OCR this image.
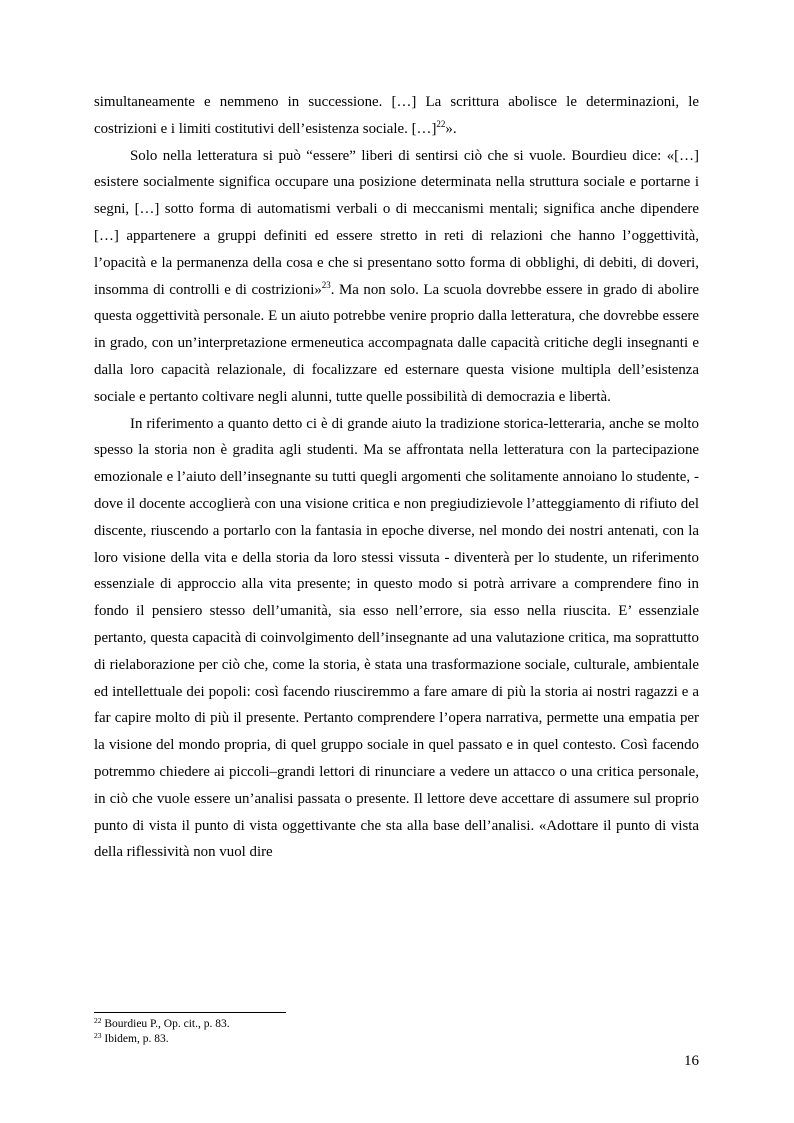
simultaneamente e nemmeno in successione. […] La scrittura abolisce le determinazioni, le costrizioni e i limiti costitutivi dell’esistenza sociale. […]$^{22}$».

Solo nella letteratura si può “essere” liberi di sentirsi ciò che si vuole. Bourdieu dice: «[…] esistere socialmente significa occupare una posizione determinata nella struttura sociale e portarne i segni, […] sotto forma di automatismi verbali o di meccanismi mentali; significa anche dipendere […] appartenere a gruppi definiti ed essere stretto in reti di relazioni che hanno l’oggettività, l’opacità e la permanenza della cosa e che si presentano sotto forma di obblighi, di debiti, di doveri, insomma di controlli e di costrizioni»$^{23}$. Ma non solo. La scuola dovrebbe essere in grado di abolire questa oggettività personale. E un aiuto potrebbe venire proprio dalla letteratura, che dovrebbe essere in grado, con un’interpretazione ermeneutica accompagnata dalle capacità critiche degli insegnanti e dalla loro capacità relazionale, di focalizzare ed esternare questa visione multipla dell’esistenza sociale e pertanto coltivare negli alunni, tutte quelle possibilità di democrazia e libertà.

In riferimento a quanto detto ci è di grande aiuto la tradizione storica-letteraria, anche se molto spesso la storia non è gradita agli studenti. Ma se affrontata nella letteratura con la partecipazione emozionale e l’aiuto dell’insegnante su tutti quegli argomenti che solitamente annoiano lo studente, - dove il docente accoglierà con una visione critica e non pregiudizievole l’atteggiamento di rifiuto del discente, riuscendo a portarlo con la fantasia in epoche diverse, nel mondo dei nostri antenati, con la loro visione della vita e della storia da loro stessi vissuta - diventerà per lo studente, un riferimento essenziale di approccio alla vita presente; in questo modo si potrà arrivare a comprendere fino in fondo il pensiero stesso dell’umanità, sia esso nell’errore, sia esso nella riuscita. E’ essenziale pertanto, questa capacità di coinvolgimento dell’insegnante ad una valutazione critica, ma soprattutto di rielaborazione per ciò che, come la storia, è stata una trasformazione sociale, culturale, ambientale ed intellettuale dei popoli: così facendo riusciremmo a fare amare di più la storia ai nostri ragazzi e a far capire molto di più il presente. Pertanto comprendere l’opera narrativa, permette una empatia per la visione del mondo propria, di quel gruppo sociale in quel passato e in quel contesto. Così facendo potremmo chiedere ai piccoli–grandi lettori di rinunciare a vedere un attacco o una critica personale, in ciò che vuole essere un’analisi passata o presente. Il lettore deve accettare di assumere sul proprio punto di vista il punto di vista oggettivante che sta alla base dell’analisi. «Adottare il punto di vista della riflessività non vuol dire

$^{22}$ Bourdieu P., Op. cit., p. 83.
$^{23}$ Ibidem, p. 83.
16
